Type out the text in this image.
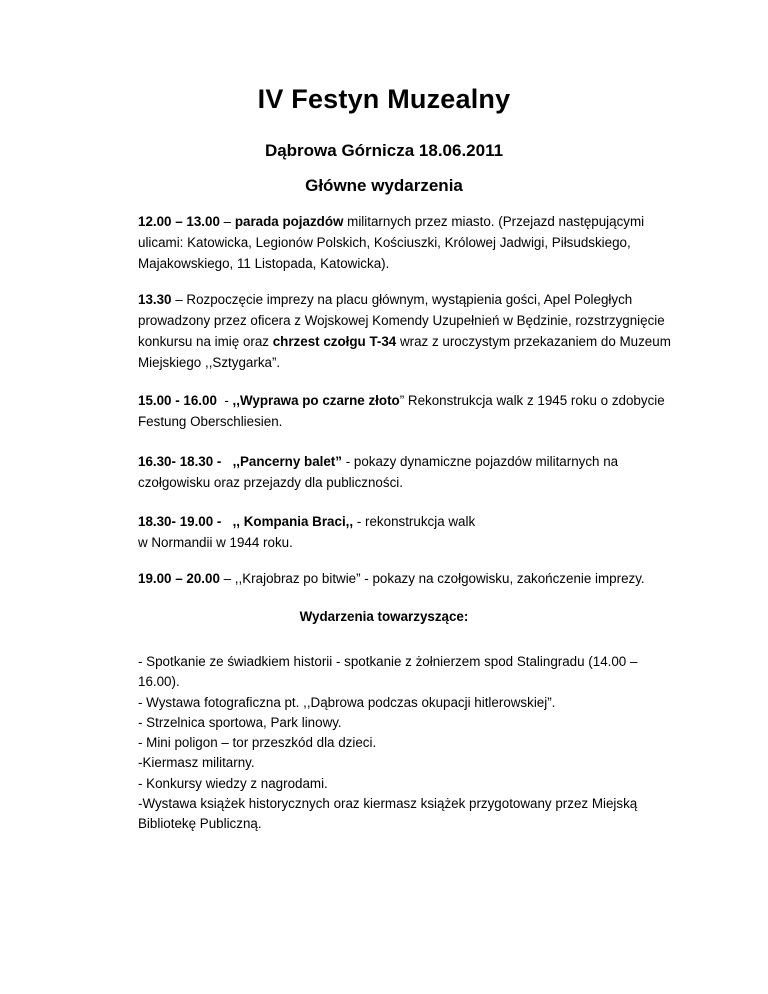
IV Festyn Muzealny
Dąbrowa Górnicza 18.06.2011
Główne wydarzenia
12.00 – 13.00 – parada pojazdów militarnych przez miasto. (Przejazd następującymi ulicami: Katowicka, Legionów Polskich, Kościuszki, Królowej Jadwigi, Piłsudskiego, Majakowskiego, 11 Listopada, Katowicka).
13.30 – Rozpoczęcie imprezy na placu głównym, wystąpienia gości, Apel Poległych prowadzony przez oficera z Wojskowej Komendy Uzupełnień w Będzinie, rozstrzygnięcie konkursu na imię oraz chrzest czołgu T-34 wraz z uroczystym przekazaniem do Muzeum Miejskiego ,,Sztygarka”.
15.00 - 16.00  - ,,Wyprawa po czarne złoto” Rekonstrukcja walk z 1945 roku o zdobycie Festung Oberschliesien.
16.30- 18.30 - ,,Pancerny balet” - pokazy dynamiczne pojazdów militarnych na czołgowisku oraz przejazdy dla publiczności.
18.30- 19.00 - ,, Kompania Braci,, - rekonstrukcja walk
w Normandii w 1944 roku.
19.00 – 20.00 – ,,Krajobraz po bitwie” - pokazy na czołgowisku, zakończenie imprezy.
Wydarzenia towarzyszące:
- Spotkanie ze świadkiem historii - spotkanie z żołnierzem spod Stalingradu (14.00 – 16.00).
- Wystawa fotograficzna pt. ,,Dąbrowa podczas okupacji hitlerowskiej”.
- Strzelnica sportowa, Park linowy.
- Mini poligon – tor przeszkód dla dzieci.
-Kiermasz militarny.
- Konkursy wiedzy z nagrodami.
-Wystawa książek historycznych oraz kiermasz książek przygotowany przez Miejską Bibliotekę Publiczną.
